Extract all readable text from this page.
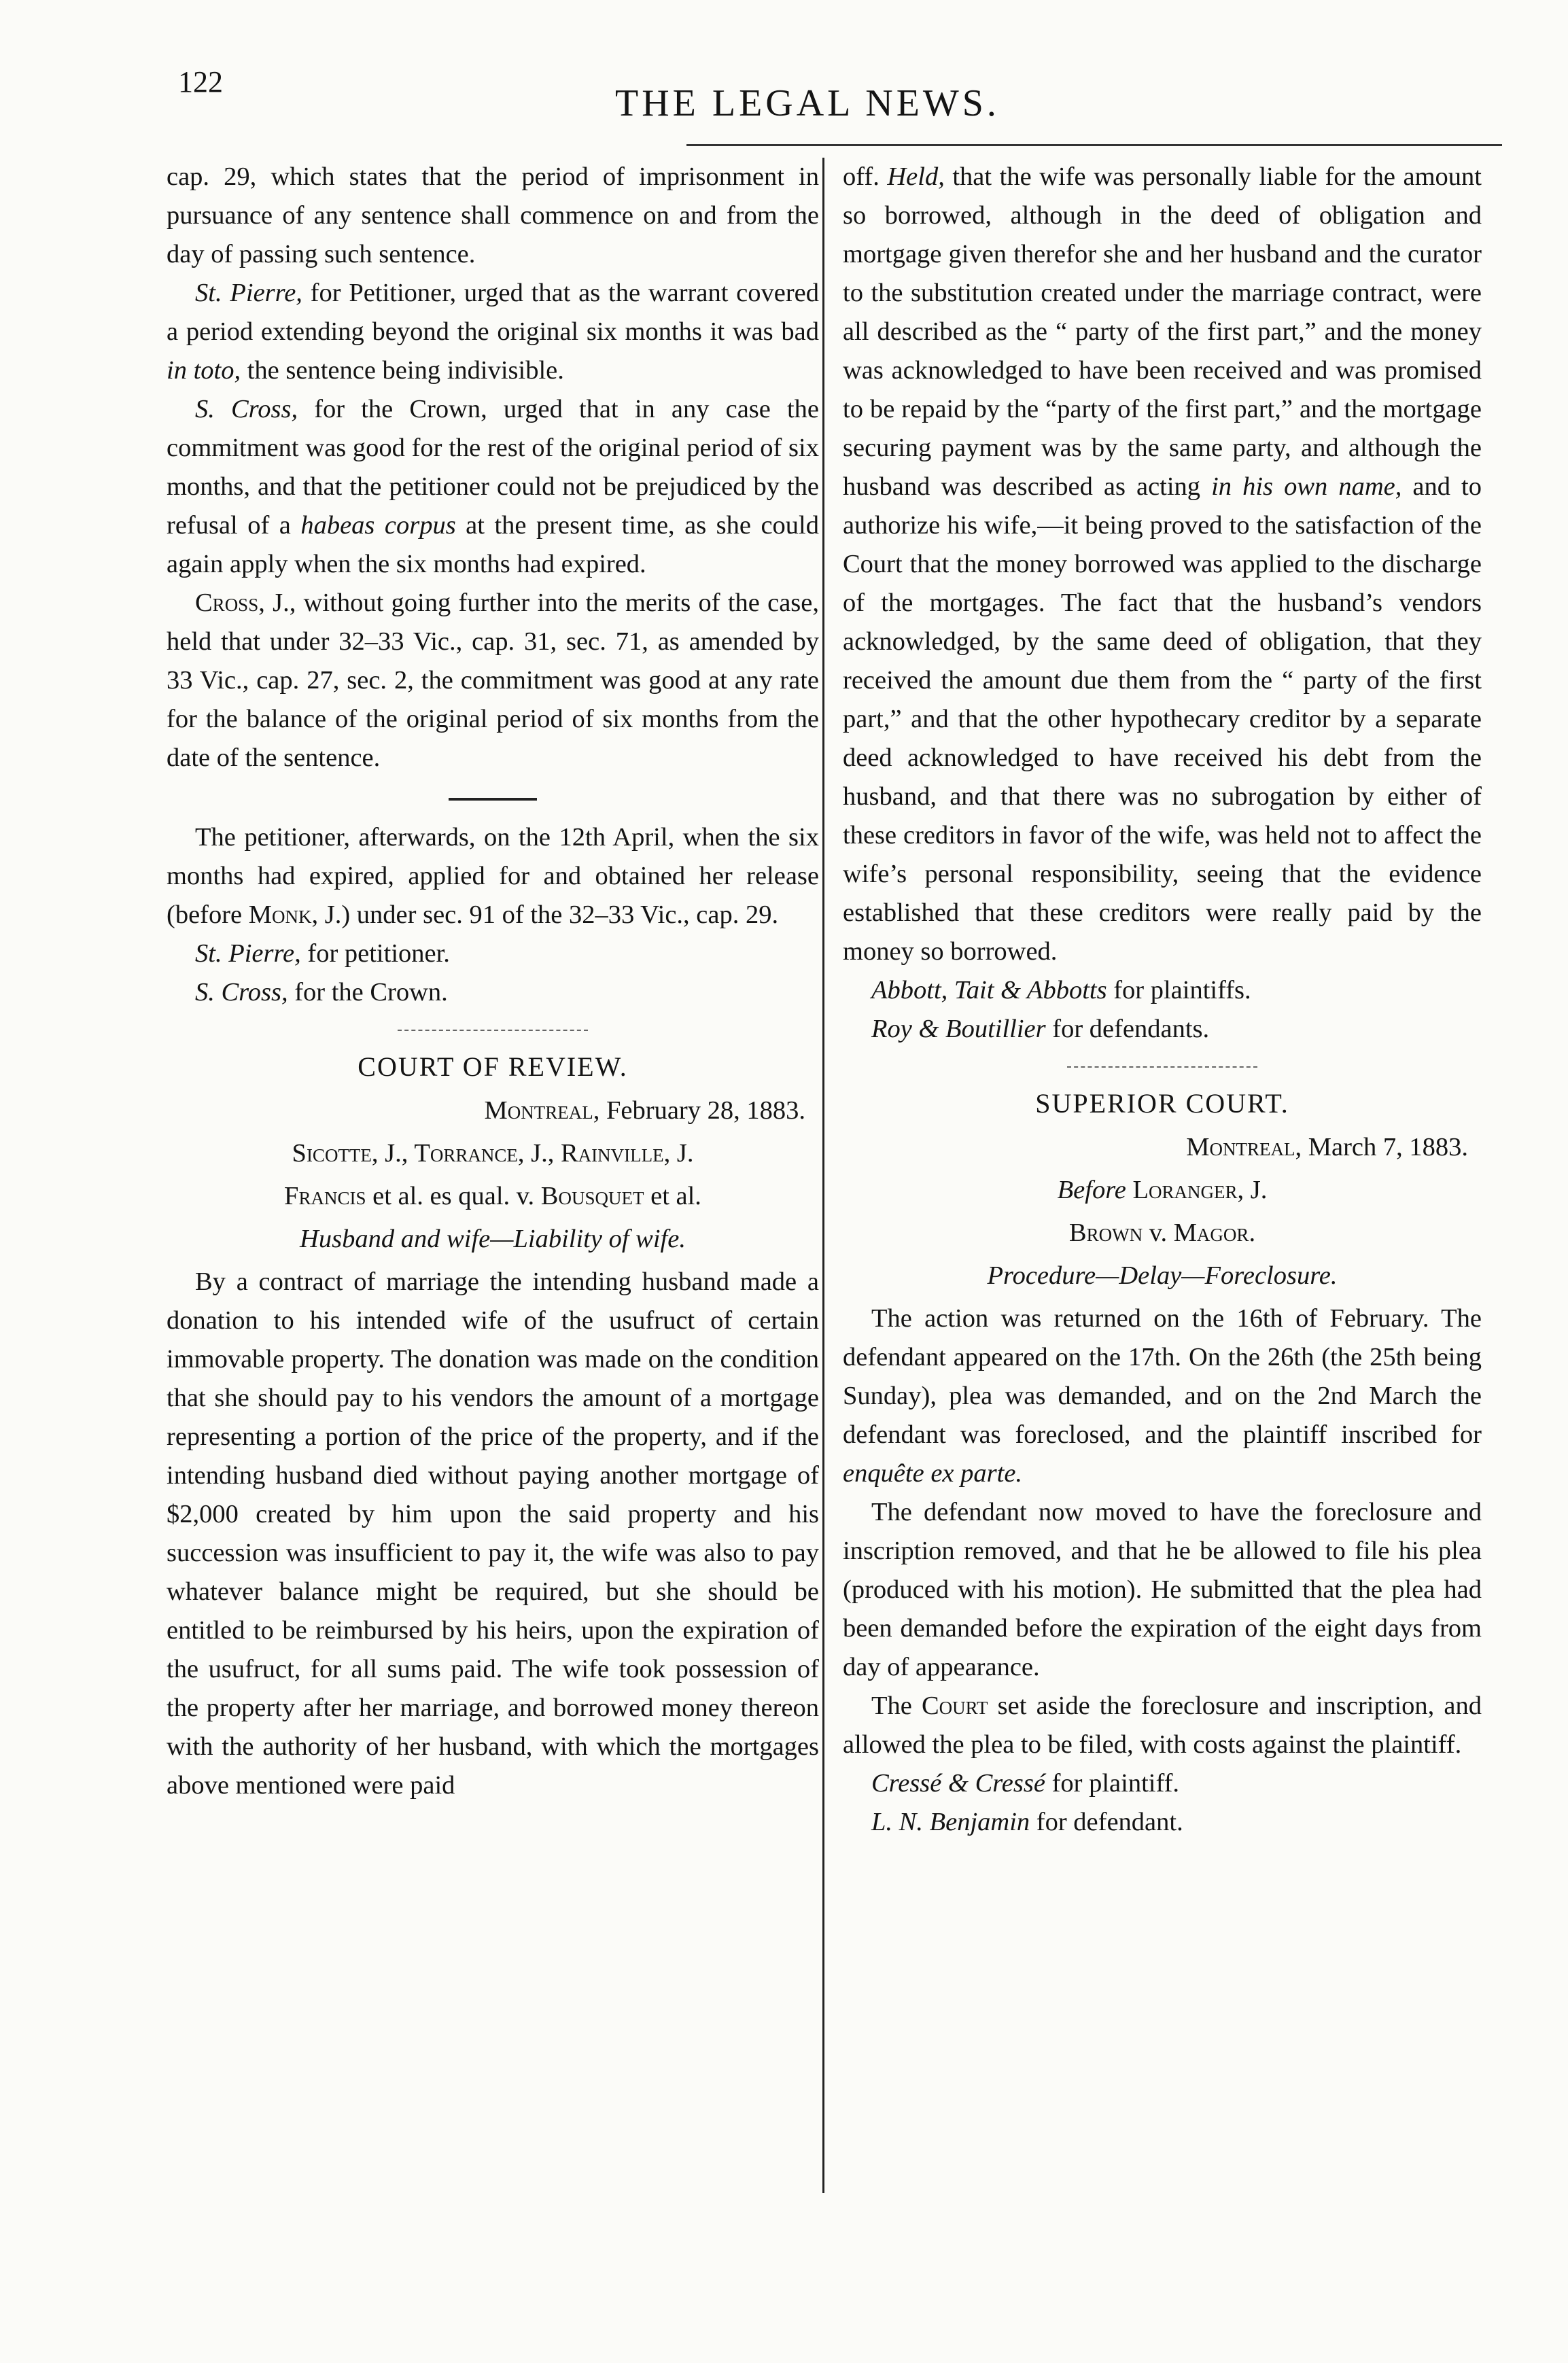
122
THE LEGAL NEWS.

cap. 29, which states that the period of imprisonment in pursuance of any sentence shall commence on and from the day of passing such sentence.

St. Pierre, for Petitioner, urged that as the warrant covered a period extending beyond the original six months it was bad in toto, the sentence being indivisible.

S. Cross, for the Crown, urged that in any case the commitment was good for the rest of the original period of six months, and that the petitioner could not be prejudiced by the refusal of a habeas corpus at the present time, as she could again apply when the six months had expired.

Cross, J., without going further into the merits of the case, held that under 32–33 Vic., cap. 31, sec. 71, as amended by 33 Vic., cap. 27, sec. 2, the commitment was good at any rate for the balance of the original period of six months from the date of the sentence.

The petitioner, afterwards, on the 12th April, when the six months had expired, applied for and obtained her release (before Monk, J.) under sec. 91 of the 32–33 Vic., cap. 29.

St. Pierre, for petitioner.

S. Cross, for the Crown.

COURT OF REVIEW.
Montreal, February 28, 1883.
Sicotte, J., Torrance, J., Rainville, J.
Francis et al. es qual. v. Bousquet et al.
Husband and wife—Liability of wife.

By a contract of marriage the intending husband made a donation to his intended wife of the usufruct of certain immovable property. The donation was made on the condition that she should pay to his vendors the amount of a mortgage representing a portion of the price of the property, and if the intending husband died without paying another mortgage of $2,000 created by him upon the said property and his succession was insufficient to pay it, the wife was also to pay whatever balance might be required, but she should be entitled to be reimbursed by his heirs, upon the expiration of the usufruct, for all sums paid. The wife took possession of the property after her marriage, and borrowed money thereon with the authority of her husband, with which the mortgages above mentioned were paid

off. Held, that the wife was personally liable for the amount so borrowed, although in the deed of obligation and mortgage given therefor she and her husband and the curator to the substitution created under the marriage contract, were all described as the “ party of the first part,” and the money was acknowledged to have been received and was promised to be repaid by the “party of the first part,” and the mortgage securing payment was by the same party, and although the husband was described as acting in his own name, and to authorize his wife,—it being proved to the satisfaction of the Court that the money borrowed was applied to the discharge of the mortgages. The fact that the husband’s vendors acknowledged, by the same deed of obligation, that they received the amount due them from the “ party of the first part,” and that the other hypothecary creditor by a separate deed acknowledged to have received his debt from the husband, and that there was no subrogation by either of these creditors in favor of the wife, was held not to affect the wife’s personal responsibility, seeing that the evidence established that these creditors were really paid by the money so borrowed.

Abbott, Tait & Abbotts for plaintiffs.

Roy & Boutillier for defendants.

SUPERIOR COURT.
Montreal, March 7, 1883.
Before Loranger, J.
Brown v. Magor.
Procedure—Delay—Foreclosure.

The action was returned on the 16th of February. The defendant appeared on the 17th. On the 26th (the 25th being Sunday), plea was demanded, and on the 2nd March the defendant was foreclosed, and the plaintiff inscribed for enquête ex parte.

The defendant now moved to have the foreclosure and inscription removed, and that he be allowed to file his plea (produced with his motion). He submitted that the plea had been demanded before the expiration of the eight days from day of appearance.

The Court set aside the foreclosure and inscription, and allowed the plea to be filed, with costs against the plaintiff.

Cressé & Cressé for plaintiff.

L. N. Benjamin for defendant.
